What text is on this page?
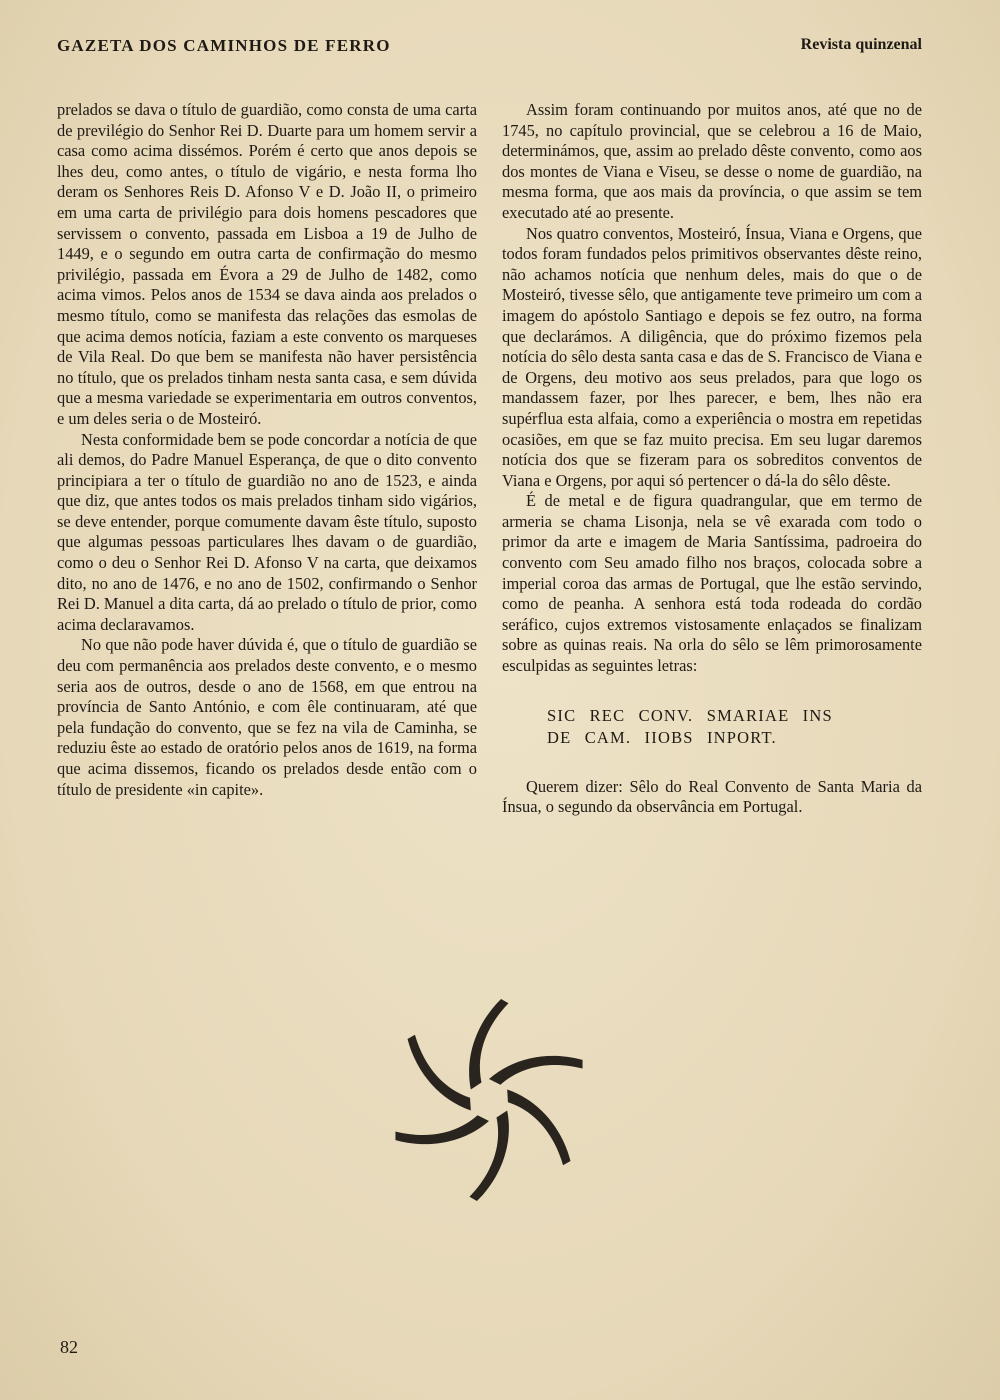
GAZETA DOS CAMINHOS DE FERRO	Revista quinzenal

prelados se dava o título de guardião, como consta de uma carta de previlégio do Senhor Rei D. Duarte para um homem servir a casa como acima dissémos. Porém é certo que anos depois se lhes deu, como antes, o título de vigário, e nesta forma lho deram os Senhores Reis D. Afonso V e D. João II, o primeiro em uma carta de privilégio para dois homens pescadores que servissem o convento, passada em Lisboa a 19 de Julho de 1449, e o segundo em outra carta de confirmação do mesmo privilégio, passada em Évora a 29 de Julho de 1482, como acima vimos. Pelos anos de 1534 se dava ainda aos prelados o mesmo título, como se manifesta das relações das esmolas de que acima demos notícia, faziam a este convento os marqueses de Vila Real. Do que bem se manifesta não haver persistência no título, que os prelados tinham nesta santa casa, e sem dúvida que a mesma variedade se experimentaria em outros conventos, e um deles seria o de Mosteiró.

Nesta conformidade bem se pode concordar a notícia de que ali demos, do Padre Manuel Esperança, de que o dito convento principiara a ter o título de guardião no ano de 1523, e ainda que diz, que antes todos os mais prelados tinham sido vigários, se deve entender, porque comumente davam êste título, suposto que algumas pessoas particulares lhes davam o de guardião, como o deu o Senhor Rei D. Afonso V na carta, que deixamos dito, no ano de 1476, e no ano de 1502, confirmando o Senhor Rei D. Manuel a dita carta, dá ao prelado o título de prior, como acima declaravamos.

No que não pode haver dúvida é, que o título de guardião se deu com permanência aos prelados deste convento, e o mesmo seria aos de outros, desde o ano de 1568, em que entrou na província de Santo António, e com êle continuaram, até que pela fundação do convento, que se fez na vila de Caminha, se reduziu êste ao estado de oratório pelos anos de 1619, na forma que acima dissemos, ficando os prelados desde então com o título de presidente «in capite».

Assim foram continuando por muitos anos, até que no de 1745, no capítulo provincial, que se celebrou a 16 de Maio, determinámos, que, assim ao prelado dêste convento, como aos dos montes de Viana e Viseu, se desse o nome de guardião, na mesma forma, que aos mais da província, o que assim se tem executado até ao presente.

Nos quatro conventos, Mosteiró, Ínsua, Viana e Orgens, que todos foram fundados pelos primitivos observantes dêste reino, não achamos notícia que nenhum deles, mais do que o de Mosteiró, tivesse sêlo, que antigamente teve primeiro um com a imagem do apóstolo Santiago e depois se fez outro, na forma que declarámos. A diligência, que do próximo fizemos pela notícia do sêlo desta santa casa e das de S. Francisco de Viana e de Orgens, deu motivo aos seus prelados, para que logo os mandassem fazer, por lhes parecer, e bem, lhes não era supérflua esta alfaia, como a experiência o mostra em repetidas ocasiões, em que se faz muito precisa. Em seu lugar daremos notícia dos que se fizeram para os sobreditos conventos de Viana e Orgens, por aqui só pertencer o dá-la do sêlo dêste.

É de metal e de figura quadrangular, que em termo de armeria se chama Lisonja, nela se vê exarada com todo o primor da arte e imagem de Maria Santíssima, padroeira do convento com Seu amado filho nos braços, colocada sobre a imperial coroa das armas de Portugal, que lhe estão servindo, como de peanha. A senhora está toda rodeada do cordão seráfico, cujos extremos vistosamente enlaçados se finalizam sobre as quinas reais. Na orla do sêlo se lêm primorosamente esculpidas as seguintes letras:

SIC REC CONV. SMARIAE INS
DE CAM. IIOBS INPORT.

Querem dizer: Sêlo do Real Convento de Santa Maria da Ínsua, o segundo da observância em Portugal.

82
